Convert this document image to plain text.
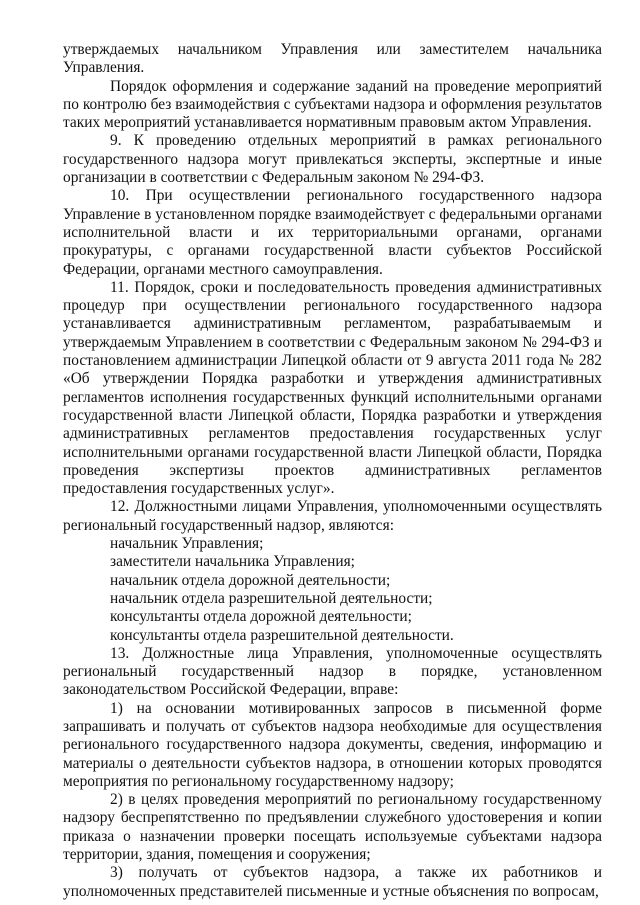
утверждаемых начальником Управления или заместителем начальника Управления.

Порядок оформления и содержание заданий на проведение мероприятий по контролю без взаимодействия с субъектами надзора и оформления результатов таких мероприятий устанавливается нормативным правовым актом Управления.

9. К проведению отдельных мероприятий в рамках регионального государственного надзора могут привлекаться эксперты, экспертные и иные организации в соответствии с Федеральным законом № 294-ФЗ.

10. При осуществлении регионального государственного надзора Управление в установленном порядке взаимодействует с федеральными органами исполнительной власти и их территориальными органами, органами прокуратуры, с органами государственной власти субъектов Российской Федерации, органами местного самоуправления.

11. Порядок, сроки и последовательность проведения административных процедур при осуществлении регионального государственного надзора устанавливается административным регламентом, разрабатываемым и утверждаемым Управлением в соответствии с Федеральным законом № 294-ФЗ и постановлением администрации Липецкой области от 9 августа 2011 года № 282 «Об утверждении Порядка разработки и утверждения административных регламентов исполнения государственных функций исполнительными органами государственной власти Липецкой области, Порядка разработки и утверждения административных регламентов предоставления государственных услуг исполнительными органами государственной власти Липецкой области, Порядка проведения экспертизы проектов административных регламентов предоставления государственных услуг».

12. Должностными лицами Управления, уполномоченными осуществлять региональный государственный надзор, являются:

начальник Управления;

заместители начальника Управления;

начальник отдела дорожной деятельности;

начальник отдела разрешительной деятельности;

консультанты отдела дорожной деятельности;

консультанты отдела разрешительной деятельности.

13. Должностные лица Управления, уполномоченные осуществлять региональный государственный надзор в порядке, установленном законодательством Российской Федерации, вправе:

1) на основании мотивированных запросов в письменной форме запрашивать и получать от субъектов надзора необходимые для осуществления регионального государственного надзора документы, сведения, информацию и материалы о деятельности субъектов надзора, в отношении которых проводятся мероприятия по региональному государственному надзору;

2) в целях проведения мероприятий по региональному государственному надзору беспрепятственно по предъявлении служебного удостоверения и копии приказа о назначении проверки посещать используемые субъектами надзора территории, здания, помещения и сооружения;

3) получать от субъектов надзора, а также их работников и уполномоченных представителей письменные и устные объяснения по вопросам,
